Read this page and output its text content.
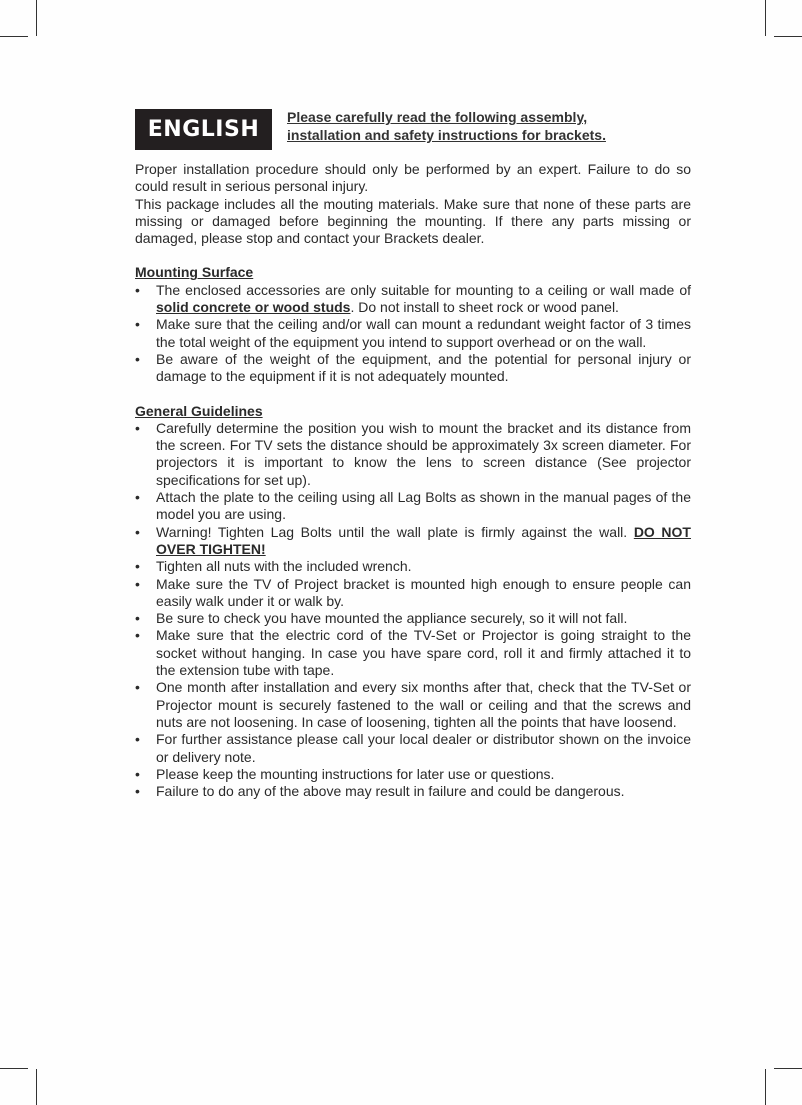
ENGLISH	Please carefully read the following assembly,
installation and safety instructions for brackets.

Proper installation procedure should only be performed by an expert. Failure to do so could result in serious personal injury.

This package includes all the mouting materials. Make sure that none of these parts are missing or damaged before beginning the mounting. If there any parts missing or damaged, please stop and contact your Brackets dealer.

Mounting Surface
• The enclosed accessories are only suitable for mounting to a ceiling or wall made of solid concrete or wood studs. Do not install to sheet rock or wood panel.
• Make sure that the ceiling and/or wall can mount a redundant weight factor of 3 times the total weight of the equipment you intend to support overhead or on the wall.
• Be aware of the weight of the equipment, and the potential for personal injury or damage to the equipment if it is not adequately mounted.
General Guidelines
• Carefully determine the position you wish to mount the bracket and its distance from the screen. For TV sets the distance should be approximately 3x screen diameter. For projectors it is important to know the lens to screen distance (See projector specifications for set up).
• Attach the plate to the ceiling using all Lag Bolts as shown in the manual pages of the model you are using.
• Warning! Tighten Lag Bolts until the wall plate is firmly against the wall. DO NOT OVER TIGHTEN!
• Tighten all nuts with the included wrench.
• Make sure the TV of Project bracket is mounted high enough to ensure people can easily walk under it or walk by.
• Be sure to check you have mounted the appliance securely, so it will not fall.
• Make sure that the electric cord of the TV-Set or Projector is going straight to the socket without hanging. In case you have spare cord, roll it and firmly attached it to the extension tube with tape.
• One month after installation and every six months after that, check that the TV-Set or Projector mount is securely fastened to the wall or ceiling and that the screws and nuts are not loosening. In case of loosening, tighten all the points that have loosend.
• For further assistance please call your local dealer or distributor shown on the invoice or delivery note.
• Please keep the mounting instructions for later use or questions.
• Failure to do any of the above may result in failure and could be dangerous.
